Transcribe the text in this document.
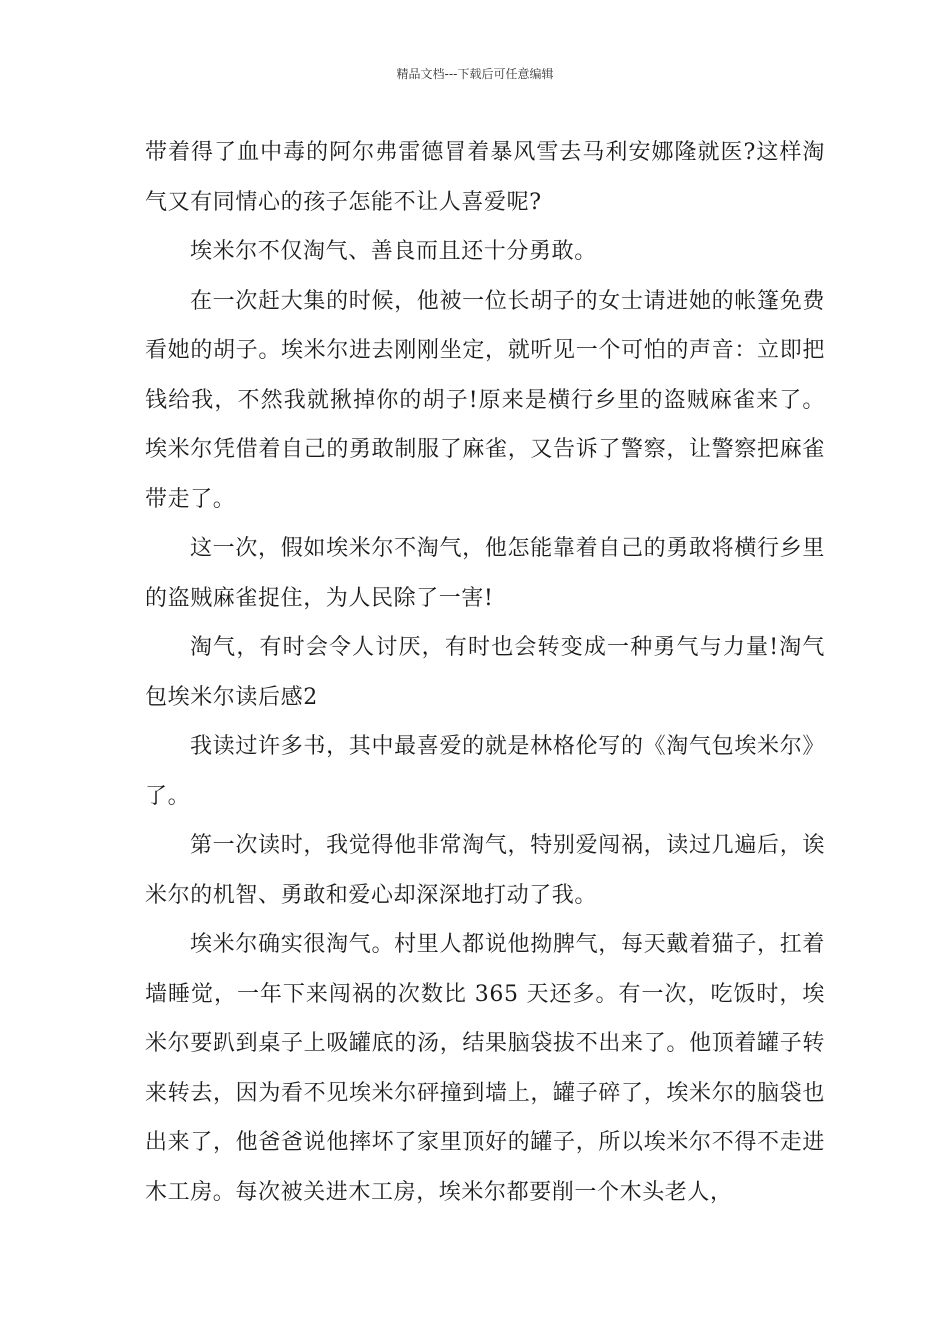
精品文档---下载后可任意编辑

带着得了血中毒的阿尔弗雷德冒着暴风雪去马利安娜隆就医?这样淘气又有同情心的孩子怎能不让人喜爱呢?

埃米尔不仅淘气、善良而且还十分勇敢。

在一次赶大集的时候，他被一位长胡子的女士请进她的帐篷免费看她的胡子。埃米尔进去刚刚坐定，就听见一个可怕的声音：立即把钱给我，不然我就揪掉你的胡子!原来是横行乡里的盗贼麻雀来了。埃米尔凭借着自己的勇敢制服了麻雀，又告诉了警察，让警察把麻雀带走了。

这一次，假如埃米尔不淘气，他怎能靠着自己的勇敢将横行乡里的盗贼麻雀捉住，为人民除了一害!

淘气，有时会令人讨厌，有时也会转变成一种勇气与力量!淘气包埃米尔读后感2

我读过许多书，其中最喜爱的就是林格伦写的《淘气包埃米尔》了。

第一次读时，我觉得他非常淘气，特别爱闯祸，读过几遍后，诶米尔的机智、勇敢和爱心却深深地打动了我。

埃米尔确实很淘气。村里人都说他拗脾气，每天戴着猫子，扛着墙睡觉，一年下来闯祸的次数比 365 天还多。有一次，吃饭时，埃米尔要趴到桌子上吸罐底的汤，结果脑袋拔不出来了。他顶着罐子转来转去，因为看不见埃米尔砰撞到墙上，罐子碎了，埃米尔的脑袋也出来了，他爸爸说他摔坏了家里顶好的罐子，所以埃米尔不得不走进木工房。每次被关进木工房，埃米尔都要削一个木头老人，
